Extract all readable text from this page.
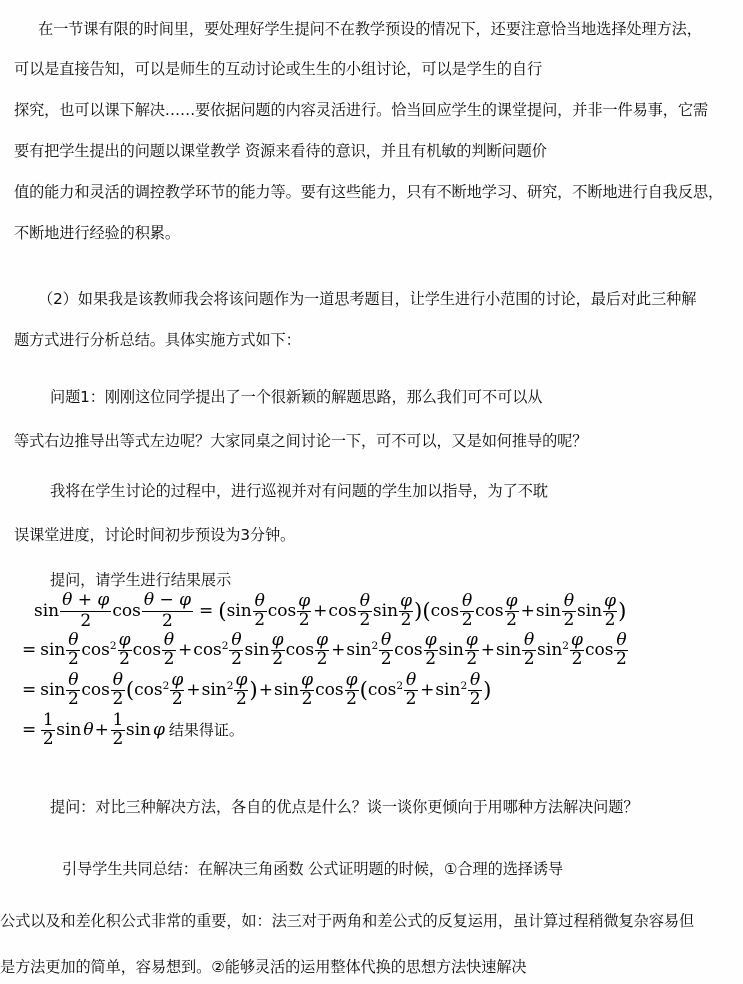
在一节课有限的时间里，要处理好学生提问不在教学预设的情况下，还要注意恰当地选择处理方法，
可以是直接告知，可以是师生的互动讨论或生生的小组讨论，可以是学生的自行
探究，也可以课下解决……要依据问题的内容灵活进行。恰当回应学生的课堂提问，并非一件易事，它需
要有把学生提出的问题以课堂教学 资源来看待的意识，并且有机敏的判断问题价
值的能力和灵活的调控教学环节的能力等。要有这些能力，只有不断地学习、研究，不断地进行自我反思，
不断地进行经验的积累。
（2）如果我是该教师我会将该问题作为一道思考题目，让学生进行小范围的讨论，最后对此三种解
题方式进行分析总结。具体实施方式如下：
问题1：刚刚这位同学提出了一个很新颖的解题思路，那么我们可不可以从
等式右边推导出等式左边呢？大家同桌之间讨论一下，可不可以，又是如何推导的呢？
我将在学生讨论的过程中，进行巡视并对有问题的学生加以指导，为了不耽
误课堂进度，讨论时间初步预设为3分钟。
提问，请学生进行结果展示
$\sin \frac{\theta + \varphi}{2}$ $\cos \frac{\theta - \varphi}{2}$ = ( $\sin \frac{\theta}{2}$ $\cos \frac{\varphi}{2} + \cos \frac{\theta}{2}$ $\sin \frac{\varphi}{2}$ ) ( $\cos \frac{\theta}{2}$ $\cos \frac{\varphi}{2} + \sin \frac{\theta}{2}$ $\sin \frac{\varphi}{2}$ )
= $\sin \frac{\theta}{2}$ $\cos 2 \frac{\varphi}{2}$ $\cos \frac{\theta}{2} + \cos 2 \frac{\theta}{2}$ $\sin \frac{\varphi}{2}$ $\cos \frac{\varphi}{2} + \sin 2 \frac{\theta}{2}$ $\cos \frac{\varphi}{2}$ $\sin \frac{\varphi}{2} + \sin \frac{\theta}{2}$ $\sin 2 \frac{\varphi}{2}$ $\cos \frac{\theta}{2}$
= $\sin \frac{\theta}{2}$ $\cos \frac{\theta}{2}$ ( $\cos 2 \frac{\varphi}{2} + \sin 2 \frac{\varphi}{2}$ ) + $\sin \frac{\varphi}{2}$ $\cos \frac{\varphi}{2}$ ( $\cos 2 \frac{\theta}{2} + \sin 2 \frac{\theta}{2}$ )
= $\frac{1}{2}$ $\sin \theta + \frac{1}{2}$ sin φ 结果得证。
提问：对比三种解决方法，各自的优点是什么？谈一谈你更倾向于用哪种方法解决问题？
引导学生共同总结：在解决三角函数 公式证明题的时候，①合理的选择诱导
公式以及和差化积公式非常的重要，如：法三对于两角和差公式的反复运用，虽计算过程稍微复杂容易但
是方法更加的简单，容易想到。②能够灵活的运用整体代换的思想方法快速解决
